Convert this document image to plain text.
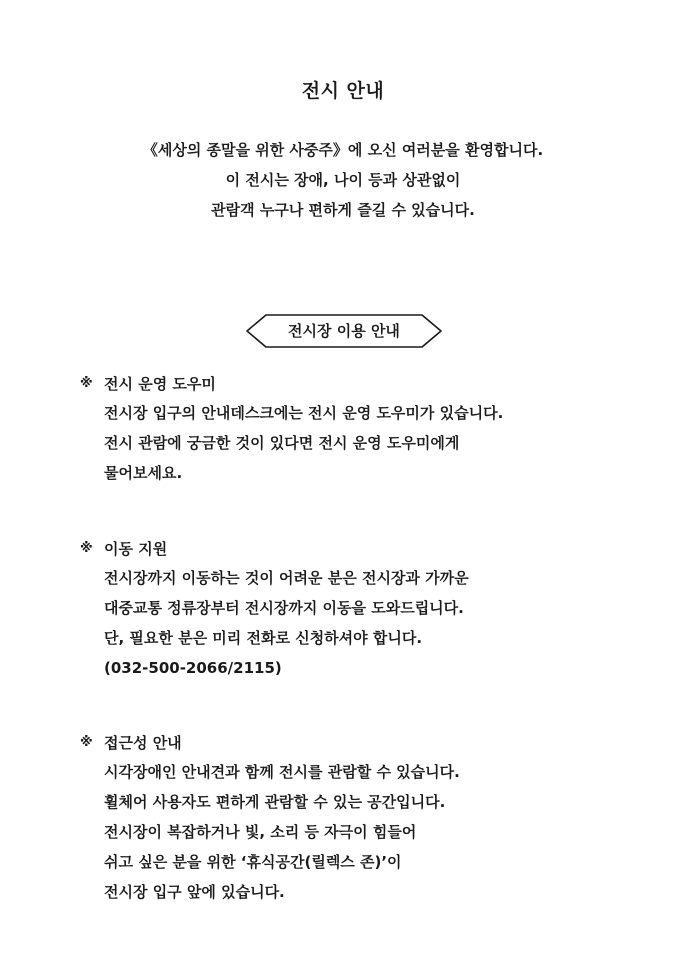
전시 안내
《세상의 종말을 위한 사중주》에 오신 여러분을 환영합니다.
이 전시는 장애, 나이 등과 상관없이
관람객 누구나 편하게 즐길 수 있습니다.
전시장 이용 안내
※ 전시 운영 도우미
전시장 입구의 안내데스크에는 전시 운영 도우미가 있습니다.
전시 관람에 궁금한 것이 있다면 전시 운영 도우미에게
물어보세요.
※ 이동 지원
전시장까지 이동하는 것이 어려운 분은 전시장과 가까운
대중교통 정류장부터 전시장까지 이동을 도와드립니다.
단, 필요한 분은 미리 전화로 신청하셔야 합니다.
(032-500-2066/2115)
※ 접근성 안내
시각장애인 안내견과 함께 전시를 관람할 수 있습니다.
휠체어 사용자도 편하게 관람할 수 있는 공간입니다.
전시장이 복잡하거나 빛, 소리 등 자극이 힘들어
쉬고 싶은 분을 위한 ‘휴식공간(릴렉스 존)’이
전시장 입구 앞에 있습니다.
